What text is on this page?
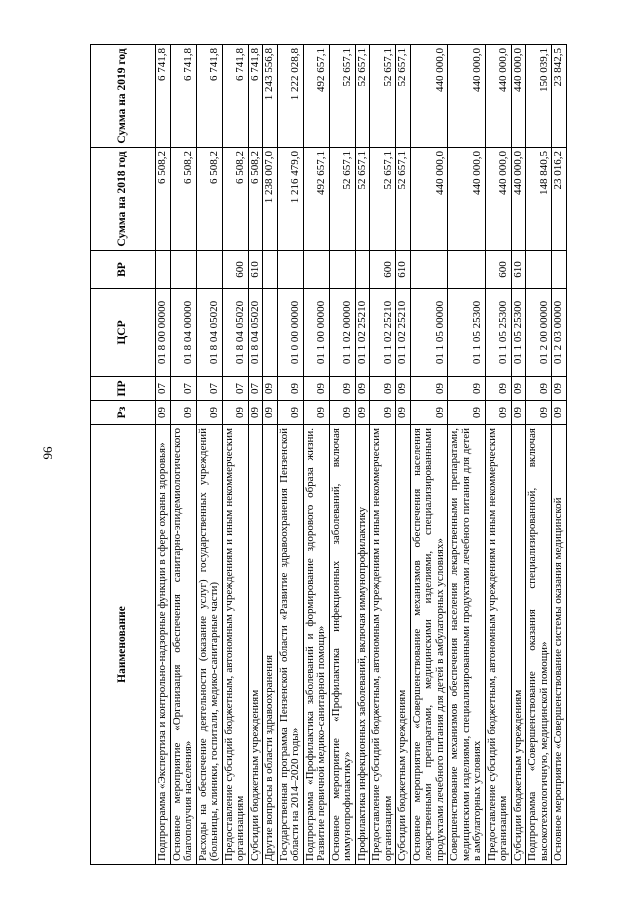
96
Наименование	Рз	ПР	ЦСР	ВР	Сумма на 2018 год	Сумма на 2019 год
Подпрограмма «Экспертиза и контрольно-надзорные функции в сфере охраны здоровья»	09	07	01 8 00 00000		6 508,2	6 741,8
Основное мероприятие «Организация обеспечения санитарно-эпидемиологического благополучия населения»	09	07	01 8 04 00000		6 508,2	6 741,8
Расходы на обеспечение деятельности (оказание услуг) государственных учреждений (больницы, клиники, госпитали, медико-санитарные части)	09	07	01 8 04 05020		6 508,2	6 741,8
Предоставление субсидий бюджетным, автономным учреждениям и иным некоммерческим организациям	09	07	01 8 04 05020	600	6 508,2	6 741,8
Субсидии бюджетным учреждениям	09	07	01 8 04 05020	610	6 508,2	6 741,8
Другие вопросы в области здравоохранения	09	09			1 238 007,0	1 243 556,8
Государственная программа Пензенской области «Развитие здравоохранения Пензенской области на 2014–2020 годы»	09	09	01 0 00 00000		1 216 479,0	1 222 028,8
Подпрограмма «Профилактика заболеваний и формирование здорового образа жизни. Развитие первичной медико-санитарной помощи»	09	09	01 1 00 00000		492 657,1	492 657,1
Основное мероприятие «Профилактика инфекционных заболеваний, включая иммунопрофилактику»	09	09	01 1 02 00000		52 657,1	52 657,1
Профилактика инфекционных заболеваний, включая иммунопрофилактику	09	09	01 1 02 25210		52 657,1	52 657,1
Предоставление субсидий бюджетным, автономным учреждениям и иным некоммерческим организациям	09	09	01 1 02 25210	600	52 657,1	52 657,1
Субсидии бюджетным учреждениям	09	09	01 1 02 25210	610	52 657,1	52 657,1
Основное мероприятие «Совершенствование механизмов обеспечения населения лекарственными препаратами, медицинскими изделиями, специализированными продуктами лечебного питания для детей в амбулаторных условиях»	09	09	01 1 05 00000		440 000,0	440 000,0
Совершенствование механизмов обеспечения населения лекарственными препаратами, медицинскими изделиями, специализированными продуктами лечебного питания для детей в амбулаторных условиях	09	09	01 1 05 25300		440 000,0	440 000,0
Предоставление субсидий бюджетным, автономным учреждениям и иным некоммерческим организациям	09	09	01 1 05 25300	600	440 000,0	440 000,0
Субсидии бюджетным учреждениям	09	09	01 1 05 25300	610	440 000,0	440 000,0
Подпрограмма «Совершенствование оказания специализированной, включая высокотехнологичную, медицинской помощи»	09	09	01 2 00 00000		148 840,5	150 039,1
Основное мероприятие «Совершенствование системы оказания медицинской	09	09	01 2 03 00000		23 016,2	23 842,5
